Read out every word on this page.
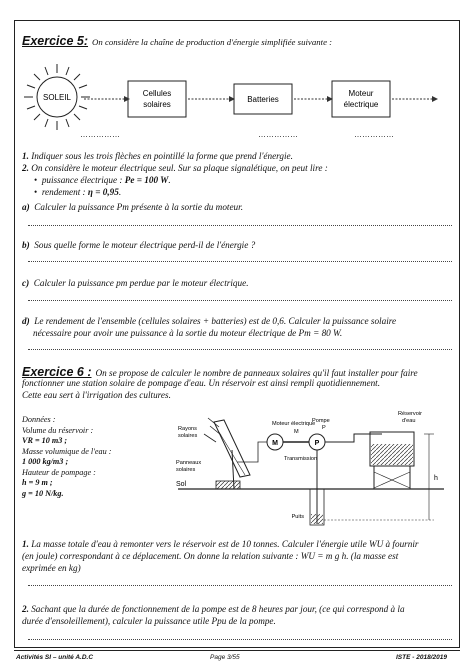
Exercice 5: On considère la chaîne de production d'énergie simplifiée suivante :
SOLEIL	Cellules
solaires
Batteries
Moteur
électrique
……………	……………	……………
1. Indiquer sous les trois flèches en pointillé la forme que prend l'énergie.
2. On considère le moteur électrique seul. Sur sa plaque signalétique, on peut lire :
• puissance électrique : Pe = 100 W.
• rendement : η = 0,95.
a) Calculer la puissance Pm présente à la sortie du moteur.
b) Sous quelle forme le moteur électrique perd-il de l'énergie ?
c) Calculer la puissance pm perdue par le moteur électrique.
d) Le rendement de l'ensemble (cellules solaires + batteries) est de 0,6. Calculer la puissance solaire
nécessaire pour avoir une puissance à la sortie du moteur électrique de Pm = 80 W.
Exercice 6 : On se propose de calculer le nombre de panneaux solaires qu'il faut installer pour faire
fonctionner une station solaire de pompage d'eau. Un réservoir est ainsi rempli quotidiennement.
Cette eau sert à l'irrigation des cultures.
Données :
Volume du réservoir :
VR = 10 m3 ;
Masse volumique de l'eau :
1 000 kg/m3 ;
Hauteur de pompage :
h = 9 m ;
g = 10 N/kg.
Sol
Rayons
solaires
Panneaux
solaires
M
Moteur électrique
M
Transmission
P
Pompe
P
Puits
Réservoir
d'eau
h
1. La masse totale d'eau à remonter vers le réservoir est de 10 tonnes. Calculer l'énergie utile WU à fournir
(en joule) correspondant à ce déplacement. On donne la relation suivante : WU = m g h. (la masse est
exprimée en kg)
2. Sachant que la durée de fonctionnement de la pompe est de 8 heures par jour, (ce qui correspond à la
durée d'ensoleillement), calculer la puissance utile Ppu de la pompe.
Activités SI – unité A.D.C	Page 3/55	ISTE - 2018/2019
